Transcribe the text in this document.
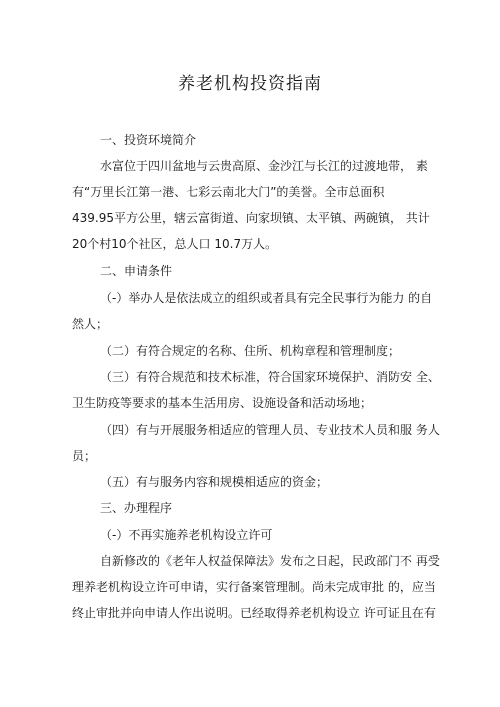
养老机构投资指南
一、投资环境简介
水富位于四川盆地与云贵高原、金沙江与长江的过渡地带， 素
有“万里长江第一港、七彩云南北大门”的美誉。全市总面积
439.95平方公里，辖云富街道、向家坝镇、太平镇、两碗镇， 共计
20个村10个社区，总人口 10.7万人。
二、申请条件
（-）举办人是依法成立的组织或者具有完全民事行为能力 的自
然人；
（二）有符合规定的名称、住所、机构章程和管理制度；
（三）有符合规范和技术标准，符合国家环境保护、消防安 全、
卫生防疫等要求的基本生活用房、设施设备和活动场地；
（四）有与开展服务相适应的管理人员、专业技术人员和服 务人
员；
（五）有与服务内容和规模相适应的资金；
三、办理程序
（-）不再实施养老机构设立许可
自新修改的《老年人权益保障法》发布之日起，民政部门不 再受
理养老机构设立许可申请，实行备案管理制。尚未完成审批 的，应当
终止审批并向申请人作出说明。已经取得养老机构设立 许可证且在有
